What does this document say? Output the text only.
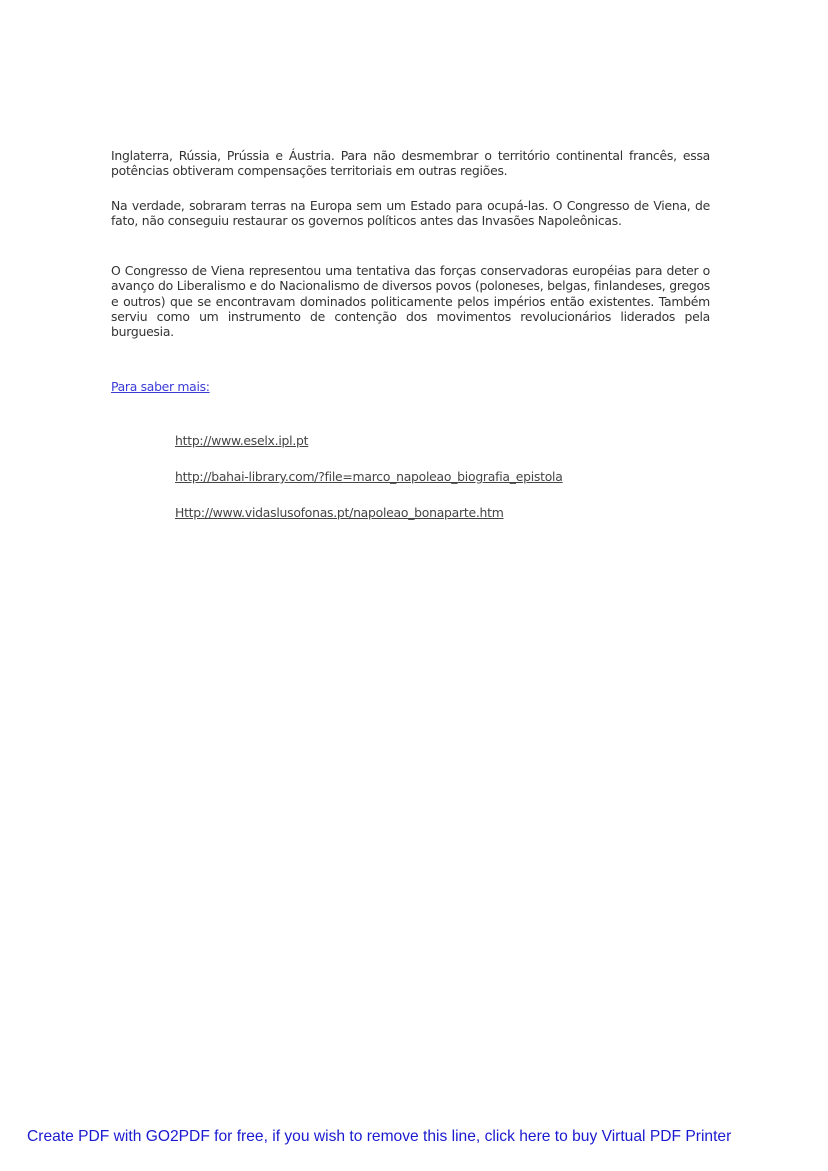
Inglaterra, Rússia, Prússia e Áustria. Para não desmembrar o território continental francês, essa potências obtiveram compensações territoriais em outras regiões.

Na verdade, sobraram terras na Europa sem um Estado para ocupá-las. O Congresso de Viena, de fato, não conseguiu restaurar os governos políticos antes das Invasões Napoleônicas.

O Congresso de Viena representou uma tentativa das forças conservadoras européias para deter o avanço do Liberalismo e do Nacionalismo de diversos povos (poloneses, belgas, finlandeses, gregos e outros) que se encontravam dominados politicamente pelos impérios então existentes. Também serviu como um instrumento de contenção dos movimentos revolucionários liderados pela burguesia.

Para saber mais:
http://www.eselx.ipl.pt
http://bahai-library.com/?file=marco_napoleao_biografia_epistola
Http://www.vidaslusofonas.pt/napoleao_bonaparte.htm
Create PDF with GO2PDF for free, if you wish to remove this line, click here to buy Virtual PDF Printer
